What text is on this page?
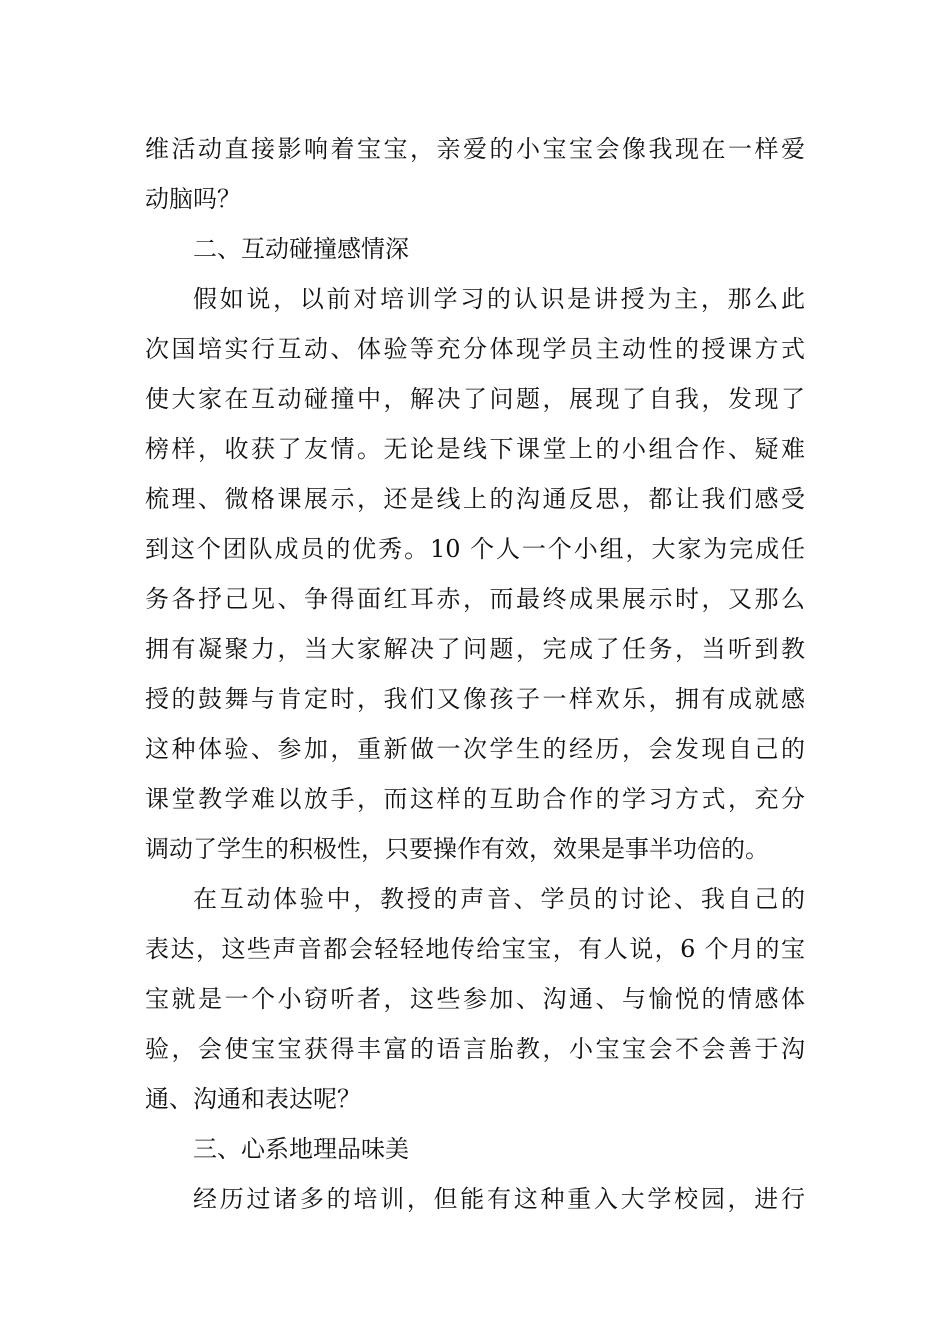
维活动直接影响着宝宝，亲爱的小宝宝会像我现在一样爱
动脑吗？
二、互动碰撞感情深
假如说，以前对培训学习的认识是讲授为主，那么此
次国培实行互动、体验等充分体现学员主动性的授课方式
使大家在互动碰撞中，解决了问题，展现了自我，发现了
榜样，收获了友情。无论是线下课堂上的小组合作、疑难
梳理、微格课展示，还是线上的沟通反思，都让我们感受
到这个团队成员的优秀。10 个人一个小组，大家为完成任
务各抒己见、争得面红耳赤，而最终成果展示时，又那么
拥有凝聚力，当大家解决了问题，完成了任务，当听到教
授的鼓舞与肯定时，我们又像孩子一样欢乐，拥有成就感
这种体验、参加，重新做一次学生的经历，会发现自己的
课堂教学难以放手，而这样的互助合作的学习方式，充分
调动了学生的积极性，只要操作有效，效果是事半功倍的。
在互动体验中，教授的声音、学员的讨论、我自己的
表达，这些声音都会轻轻地传给宝宝，有人说，6 个月的宝
宝就是一个小窃听者，这些参加、沟通、与愉悦的情感体
验，会使宝宝获得丰富的语言胎教，小宝宝会不会善于沟
通、沟通和表达呢？
三、心系地理品味美
经历过诸多的培训，但能有这种重入大学校园，进行
